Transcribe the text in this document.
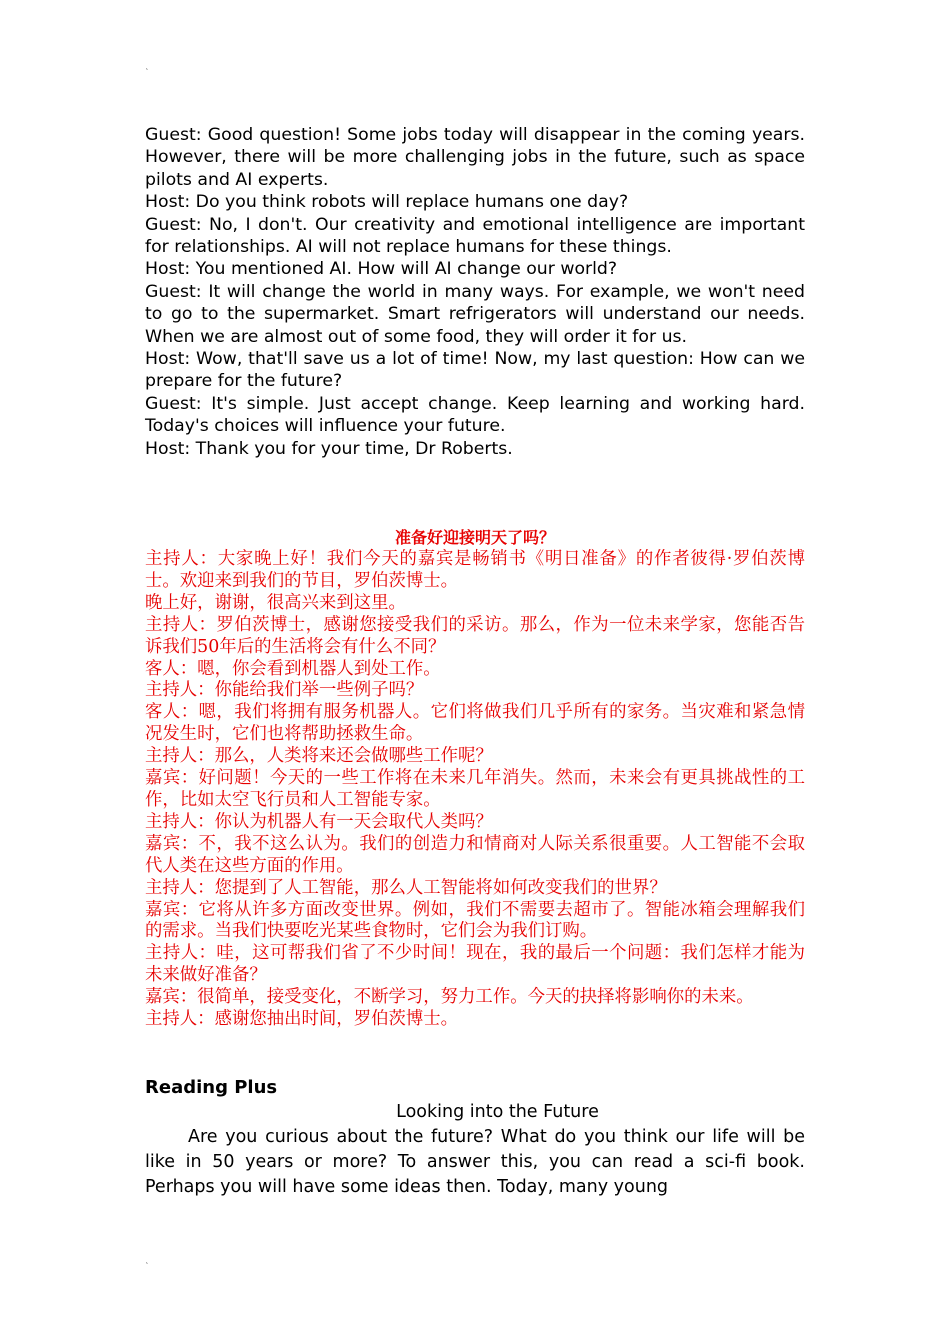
˛

Guest: Good question! Some jobs today will disappear in the coming years. However, there will be more challenging jobs in the future, such as space pilots and AI experts.

Host: Do you think robots will replace humans one day?

Guest: No, I don't. Our creativity and emotional intelligence are important for relationships. AI will not replace humans for these things.

Host: You mentioned AI. How will AI change our world?

Guest: It will change the world in many ways. For example, we won't need to go to the supermarket. Smart refrigerators will understand our needs. When we are almost out of some food, they will order it for us.

Host: Wow, that'll save us a lot of time! Now, my last question: How can we prepare for the future?

Guest: It's simple. Just accept change. Keep learning and working hard. Today's choices will influence your future.

Host: Thank you for your time, Dr Roberts.

准备好迎接明天了吗？

主持人：大家晚上好！我们今天的嘉宾是畅销书《明日准备》的作者彼得·罗伯茨博士。欢迎来到我们的节目，罗伯茨博士。

晚上好，谢谢，很高兴来到这里。

主持人：罗伯茨博士，感谢您接受我们的采访。那么，作为一位未来学家，您能否告诉我们50年后的生活将会有什么不同？

客人：嗯，你会看到机器人到处工作。

主持人：你能给我们举一些例子吗？

客人：嗯，我们将拥有服务机器人。它们将做我们几乎所有的家务。当灾难和紧急情况发生时，它们也将帮助拯救生命。

主持人：那么，人类将来还会做哪些工作呢？

嘉宾：好问题！今天的一些工作将在未来几年消失。然而，未来会有更具挑战性的工作，比如太空飞行员和人工智能专家。

主持人：你认为机器人有一天会取代人类吗？

嘉宾：不，我不这么认为。我们的创造力和情商对人际关系很重要。人工智能不会取代人类在这些方面的作用。

主持人：您提到了人工智能，那么人工智能将如何改变我们的世界？

嘉宾：它将从许多方面改变世界。例如，我们不需要去超市了。智能冰箱会理解我们的需求。当我们快要吃光某些食物时，它们会为我们订购。

主持人：哇，这可帮我们省了不少时间！现在，我的最后一个问题：我们怎样才能为未来做好准备？

嘉宾：很简单，接受变化，不断学习，努力工作。今天的抉择将影响你的未来。

主持人：感谢您抽出时间，罗伯茨博士。

Reading Plus
Looking into the Future

Are you curious about the future? What do you think our life will be like in 50 years or more? To answer this, you can read a sci-fi book. Perhaps you will have some ideas then. Today, many young

˛
